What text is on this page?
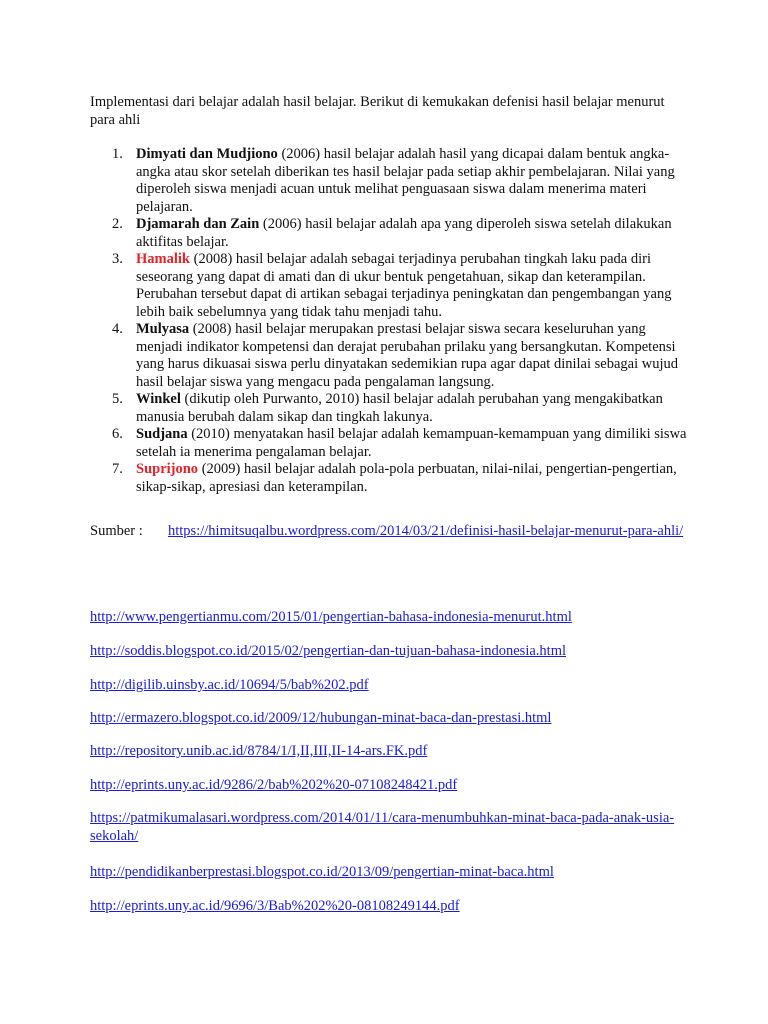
Implementasi dari belajar adalah hasil belajar. Berikut di kemukakan defenisi hasil belajar menurut para ahli

1. Dimyati dan Mudjiono (2006) hasil belajar adalah hasil yang dicapai dalam bentuk angka-angka atau skor setelah diberikan tes hasil belajar pada setiap akhir pembelajaran. Nilai yang diperoleh siswa menjadi acuan untuk melihat penguasaan siswa dalam menerima materi pelajaran.
2. Djamarah dan Zain (2006) hasil belajar adalah apa yang diperoleh siswa setelah dilakukan aktifitas belajar.
3. Hamalik (2008) hasil belajar adalah sebagai terjadinya perubahan tingkah laku pada diri seseorang yang dapat di amati dan di ukur bentuk pengetahuan, sikap dan keterampilan. Perubahan tersebut dapat di artikan sebagai terjadinya peningkatan dan pengembangan yang lebih baik sebelumnya yang tidak tahu menjadi tahu.
4. Mulyasa (2008) hasil belajar merupakan prestasi belajar siswa secara keseluruhan yang menjadi indikator kompetensi dan derajat perubahan prilaku yang bersangkutan. Kompetensi yang harus dikuasai siswa perlu dinyatakan sedemikian rupa agar dapat dinilai sebagai wujud hasil belajar siswa yang mengacu pada pengalaman langsung.
5. Winkel (dikutip oleh Purwanto, 2010) hasil belajar adalah perubahan yang mengakibatkan manusia berubah dalam sikap dan tingkah lakunya.
6. Sudjana (2010) menyatakan hasil belajar adalah kemampuan-kemampuan yang dimiliki siswa setelah ia menerima pengalaman belajar.
7. Suprijono (2009) hasil belajar adalah pola-pola perbuatan, nilai-nilai, pengertian-pengertian, sikap-sikap, apresiasi dan keterampilan.

Sumber : https://himitsuqalbu.wordpress.com/2014/03/21/definisi-hasil-belajar-menurut-para-ahli/

http://www.pengertianmu.com/2015/01/pengertian-bahasa-indonesia-menurut.html
http://soddis.blogspot.co.id/2015/02/pengertian-dan-tujuan-bahasa-indonesia.html
http://digilib.uinsby.ac.id/10694/5/bab%202.pdf
http://ermazero.blogspot.co.id/2009/12/hubungan-minat-baca-dan-prestasi.html
http://repository.unib.ac.id/8784/1/I,II,III,II-14-ars.FK.pdf
http://eprints.uny.ac.id/9286/2/bab%202%20-07108248421.pdf
https://patmikumalasari.wordpress.com/2014/01/11/cara-menumbuhkan-minat-baca-pada-anak-usia-sekolah/
http://pendidikanberprestasi.blogspot.co.id/2013/09/pengertian-minat-baca.html
http://eprints.uny.ac.id/9696/3/Bab%202%20-08108249144.pdf
